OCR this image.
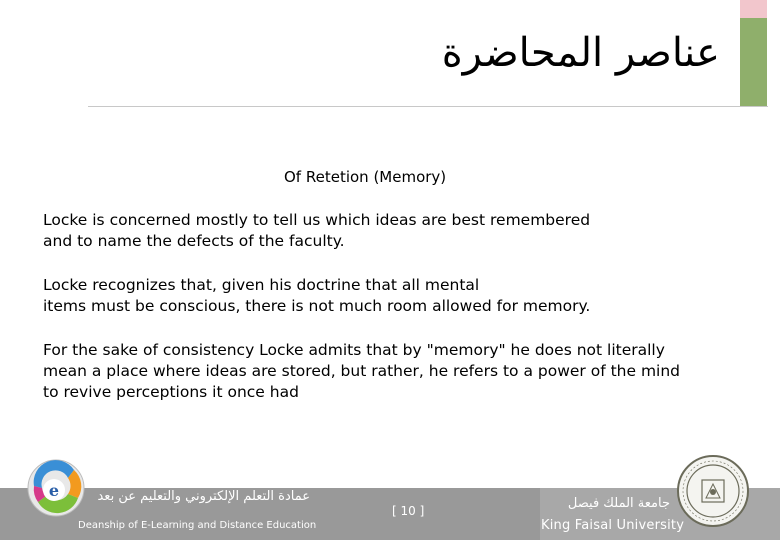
عناصر المحاضرة
Of Retetion (Memory)

Locke is concerned mostly to tell us which ideas are best remembered
and to name the defects of the faculty.

Locke recognizes that, given his doctrine that all mental
items must be conscious, there is not much room allowed for memory.

For the sake of consistency Locke admits that by "memory" he does not literally
mean a place where ideas are stored, but rather, he refers to a power of the mind
to revive perceptions it once had

e	عمادة التعلم الإلكتروني والتعليم عن بعد
Deanship of E-Learning and Distance Education
[ 10 ]	جامعة الملك فيصل
King Faisal University
